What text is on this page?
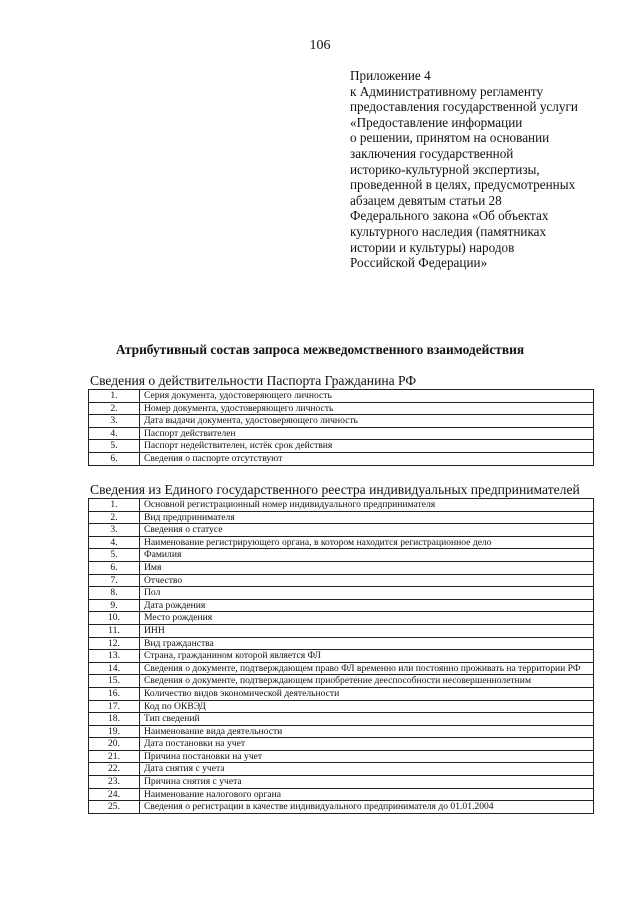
106
Приложение 4
к Административному регламенту
предоставления государственной услуги
«Предоставление информации
о решении, принятом на основании
заключения государственной
историко-культурной экспертизы,
проведенной в целях, предусмотренных
абзацем девятым статьи 28
Федерального закона «Об объектах
культурного наследия (памятниках
истории и культуры) народов
Российской Федерации»
Атрибутивный состав запроса межведомственного взаимодействия
Сведения о действительности Паспорта Гражданина РФ
1.	Серия документа, удостоверяющего личность
2.	Номер документа, удостоверяющего личность
3.	Дата выдачи документа, удостоверяющего личность
4.	Паспорт действителен
5.	Паспорт недействителен, истёк срок действия
6.	Сведения о паспорте отсутствуют
Сведения из Единого государственного реестра индивидуальных предпринимателей
1.	Основной регистрационный номер индивидуального предпринимателя
2.	Вид предпринимателя
3.	Сведения о статусе
4.	Наименование регистрирующего органа, в котором находится регистрационное дело
5.	Фамилия
6.	Имя
7.	Отчество
8.	Пол
9.	Дата рождения
10.	Место рождения
11.	ИНН
12.	Вид гражданства
13.	Страна, гражданином которой является ФЛ
14.	Сведения о документе, подтверждающем право ФЛ временно или постоянно проживать на территории РФ
15.	Сведения о документе, подтверждающем приобретение дееспособности несовершеннолетним
16.	Количество видов экономической деятельности
17.	Код по ОКВЭД
18.	Тип сведений
19.	Наименование вида деятельности
20.	Дата постановки на учет
21.	Причина постановки на учет
22.	Дата снятия с учета
23.	Причина снятия с учета
24.	Наименование налогового органа
25.	Сведения о регистрации в качестве индивидуального предпринимателя до 01.01.2004
